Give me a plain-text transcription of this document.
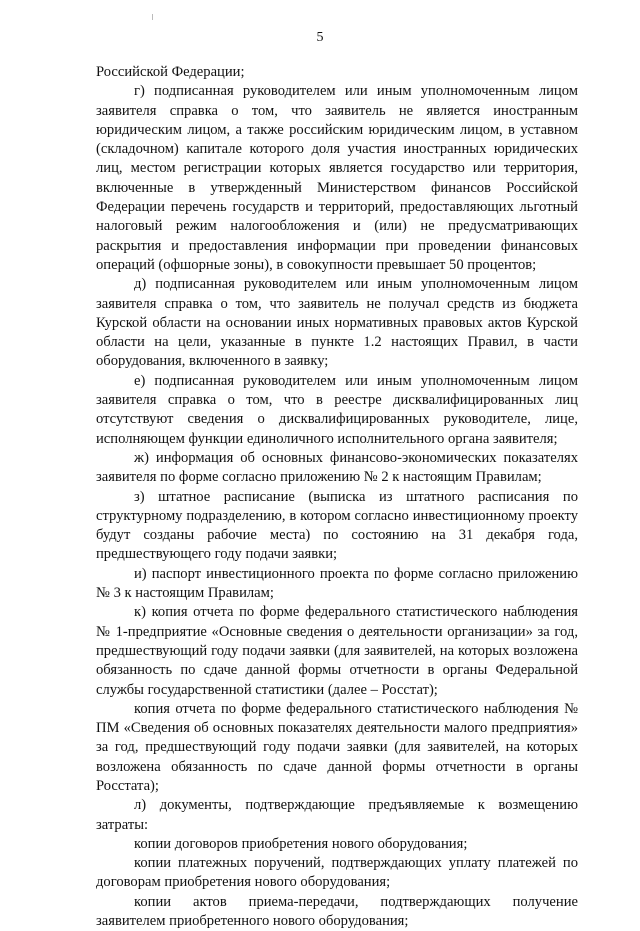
5

Российской Федерации;

г) подписанная руководителем или иным уполномоченным лицом заявителя справка о том, что заявитель не является иностранным юридическим лицом, а также российским юридическим лицом, в уставном (складочном) капитале которого доля участия иностранных юридических лиц, местом регистрации которых является государство или территория, включенные в утвержденный Министерством финансов Российской Федерации перечень государств и территорий, предоставляющих льготный налоговый режим налогообложения и (или) не предусматривающих раскрытия и предоставления информации при проведении финансовых операций (офшорные зоны), в совокупности превышает 50 процентов;

д) подписанная руководителем или иным уполномоченным лицом заявителя справка о том, что заявитель не получал средств из бюджета Курской области на основании иных нормативных правовых актов Курской области на цели, указанные в пункте 1.2 настоящих Правил, в части оборудования, включенного в заявку;

е) подписанная руководителем или иным уполномоченным лицом заявителя справка о том, что в реестре дисквалифицированных лиц отсутствуют сведения о дисквалифицированных руководителе, лице, исполняющем функции единоличного исполнительного органа заявителя;

ж) информация об основных финансово-экономических показателях заявителя по форме согласно приложению № 2 к настоящим Правилам;

з) штатное расписание (выписка из штатного расписания по структурному подразделению, в котором согласно инвестиционному проекту будут созданы рабочие места) по состоянию на 31 декабря года, предшествующего году подачи заявки;

и) паспорт инвестиционного проекта по форме согласно приложению № 3 к настоящим Правилам;

к) копия отчета по форме федерального статистического наблюдения № 1-предприятие «Основные сведения о деятельности организации» за год, предшествующий году подачи заявки (для заявителей, на которых возложена обязанность по сдаче данной формы отчетности в органы Федеральной службы государственной статистики (далее – Росстат);

копия отчета по форме федерального статистического наблюдения № ПМ «Сведения об основных показателях деятельности малого предприятия» за год, предшествующий году подачи заявки (для заявителей, на которых возложена обязанность по сдаче данной формы отчетности в органы Росстата);

л) документы, подтверждающие предъявляемые к возмещению затраты:

копии договоров приобретения нового оборудования;

копии платежных поручений, подтверждающих уплату платежей по договорам приобретения нового оборудования;

копии актов приема-передачи, подтверждающих получение заявителем приобретенного нового оборудования;
